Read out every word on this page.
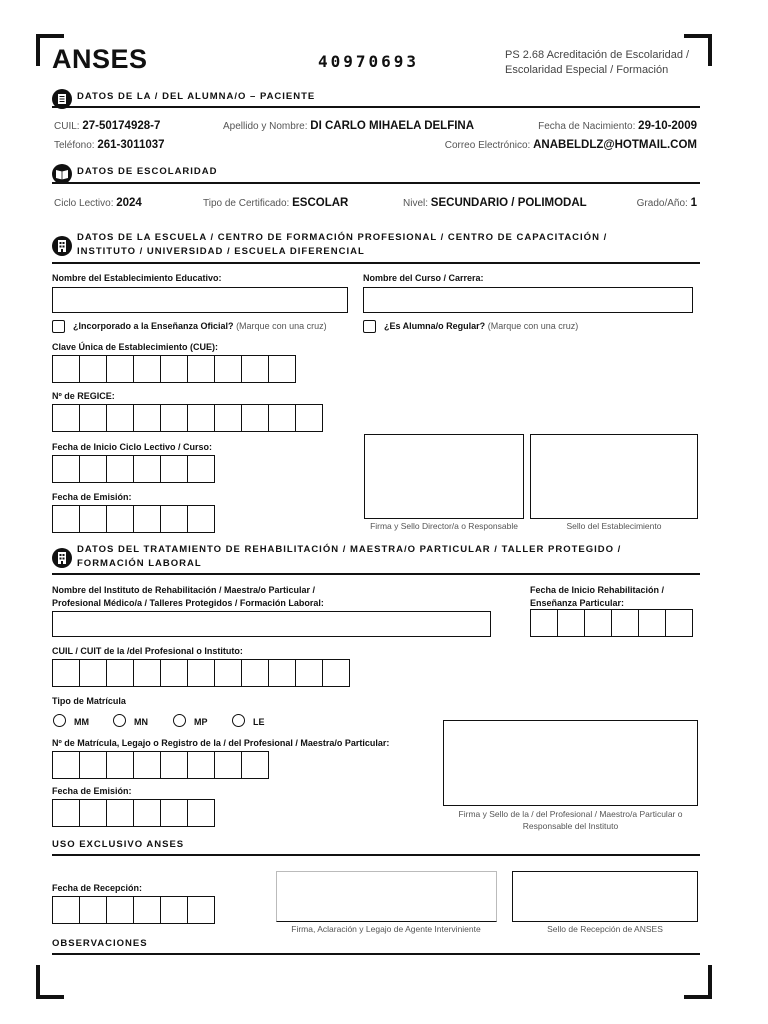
ANSES	40970693	PS 2.68 Acreditación de Escolaridad /
Escolaridad Especial / Formación
DATOS DE LA / DEL ALUMNA/O – PACIENTE
CUIL: 27-50174928-7	Apellido y Nombre: DI CARLO MIHAELA DELFINA	Fecha de Nacimiento: 29-10-2009
Teléfono: 261-3011037	Correo Electrónico: ANABELDLZ@HOTMAIL.COM
DATOS DE ESCOLARIDAD
Ciclo Lectivo: 2024	Tipo de Certificado: ESCOLAR	Nivel: SECUNDARIO / POLIMODAL	Grado/Año: 1
DATOS DE LA ESCUELA / CENTRO DE FORMACIÓN PROFESIONAL / CENTRO DE CAPACITACIÓN /
INSTITUTO / UNIVERSIDAD / ESCUELA DIFERENCIAL
Nombre del Establecimiento Educativo:	Nombre del Curso / Carrera:
¿Incorporado a la Enseñanza Oficial? (Marque con una cruz)	¿Es Alumna/o Regular? (Marque con una cruz)
Clave Única de Establecimiento (CUE):
Nº de REGICE:
Fecha de Inicio Ciclo Lectivo / Curso:
Fecha de Emisión:
Firma y Sello Director/a o Responsable	Sello del Establecimiento
DATOS DEL TRATAMIENTO DE REHABILITACIÓN / MAESTRA/O PARTICULAR / TALLER PROTEGIDO /
FORMACIÓN LABORAL
Nombre del Instituto de Rehabilitación / Maestra/o Particular /
Profesional Médico/a / Talleres Protegidos / Formación Laboral:
Fecha de Inicio Rehabilitación /
Enseñanza Particular:
CUIL / CUIT de la /del Profesional o Instituto:
Tipo de Matrícula
MM	MN	MP	LE
Nº de Matrícula, Legajo o Registro de la / del Profesional / Maestra/o Particular:
Fecha de Emisión:
Firma y Sello de la / del Profesional / Maestro/a Particular o
Responsable del Instituto
USO EXCLUSIVO ANSES
Fecha de Recepción:
Firma, Aclaración y Legajo de Agente Interviniente	Sello de Recepción de ANSES
OBSERVACIONES
